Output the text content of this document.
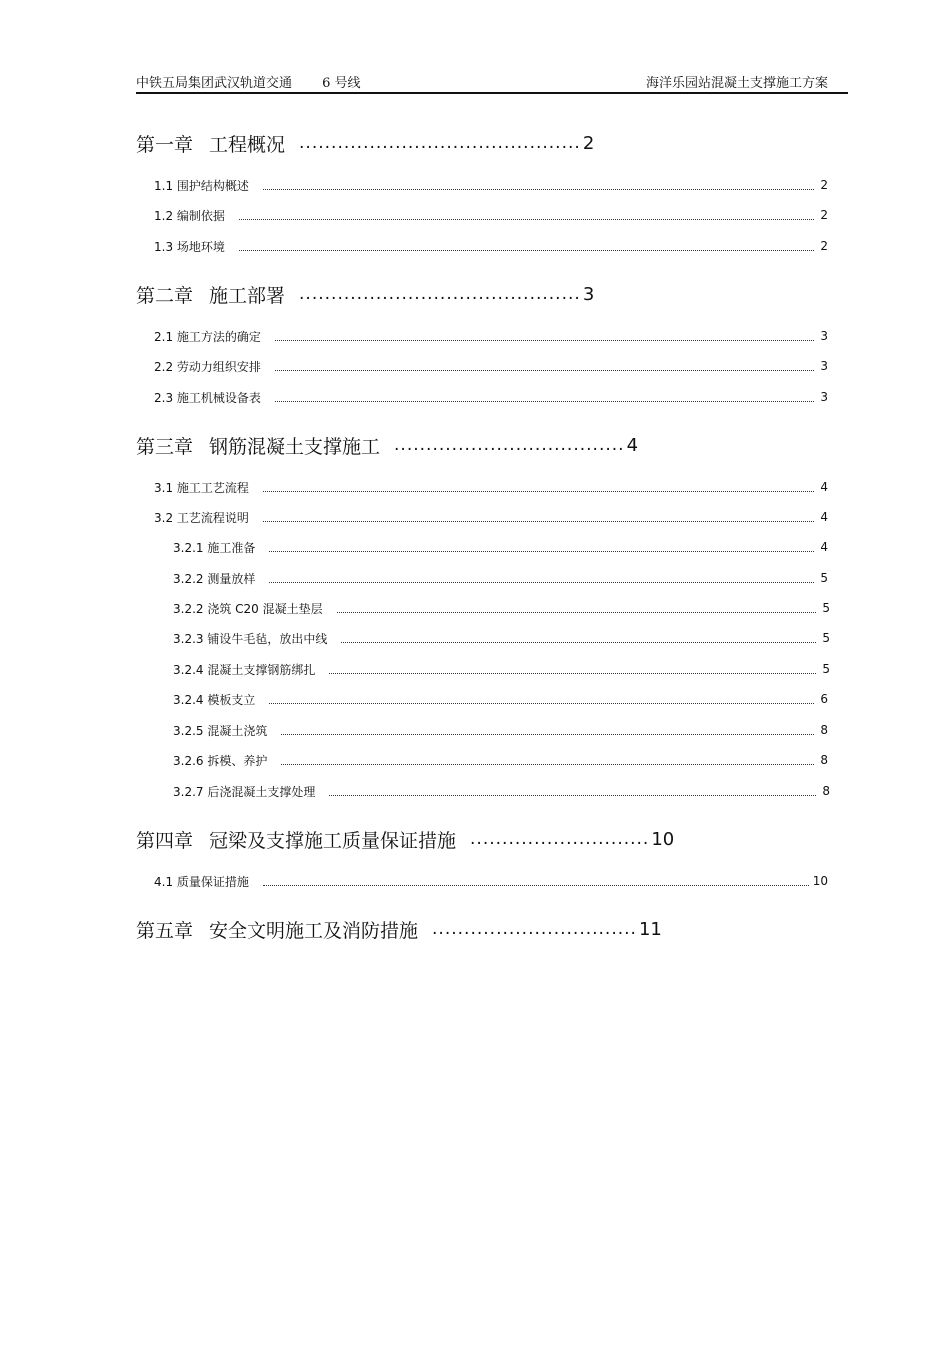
中铁五局集团武汉轨道交通　　 6 号线	海洋乐园站混凝土支撑施工方案
第一章 工程概况 ............................................ 2
1.1 围护结构概述	2
1.2 编制依据	2
1.3 场地环境	2
第二章 施工部署 ............................................ 3
2.1 施工方法的确定	3
2.2 劳动力组织安排	3
2.3 施工机械设备表	3
第三章 钢筋混凝土支撑施工 .................................... 4
3.1 施工工艺流程	4
3.2 工艺流程说明	4
3.2.1 施工准备	4
3.2.2 测量放样	5
3.2.2 浇筑 C20 混凝土垫层	5
3.2.3 铺设牛毛毡，放出中线	5
3.2.4 混凝土支撑钢筋绑扎	5
3.2.4 模板支立	6
3.2.5 混凝土浇筑	8
3.2.6 拆模、养护	8
3.2.7 后浇混凝土支撑处理	8
第四章 冠梁及支撑施工质量保证措施 ............................ 10
4.1 质量保证措施	10
第五章 安全文明施工及消防措施 ................................ 11
